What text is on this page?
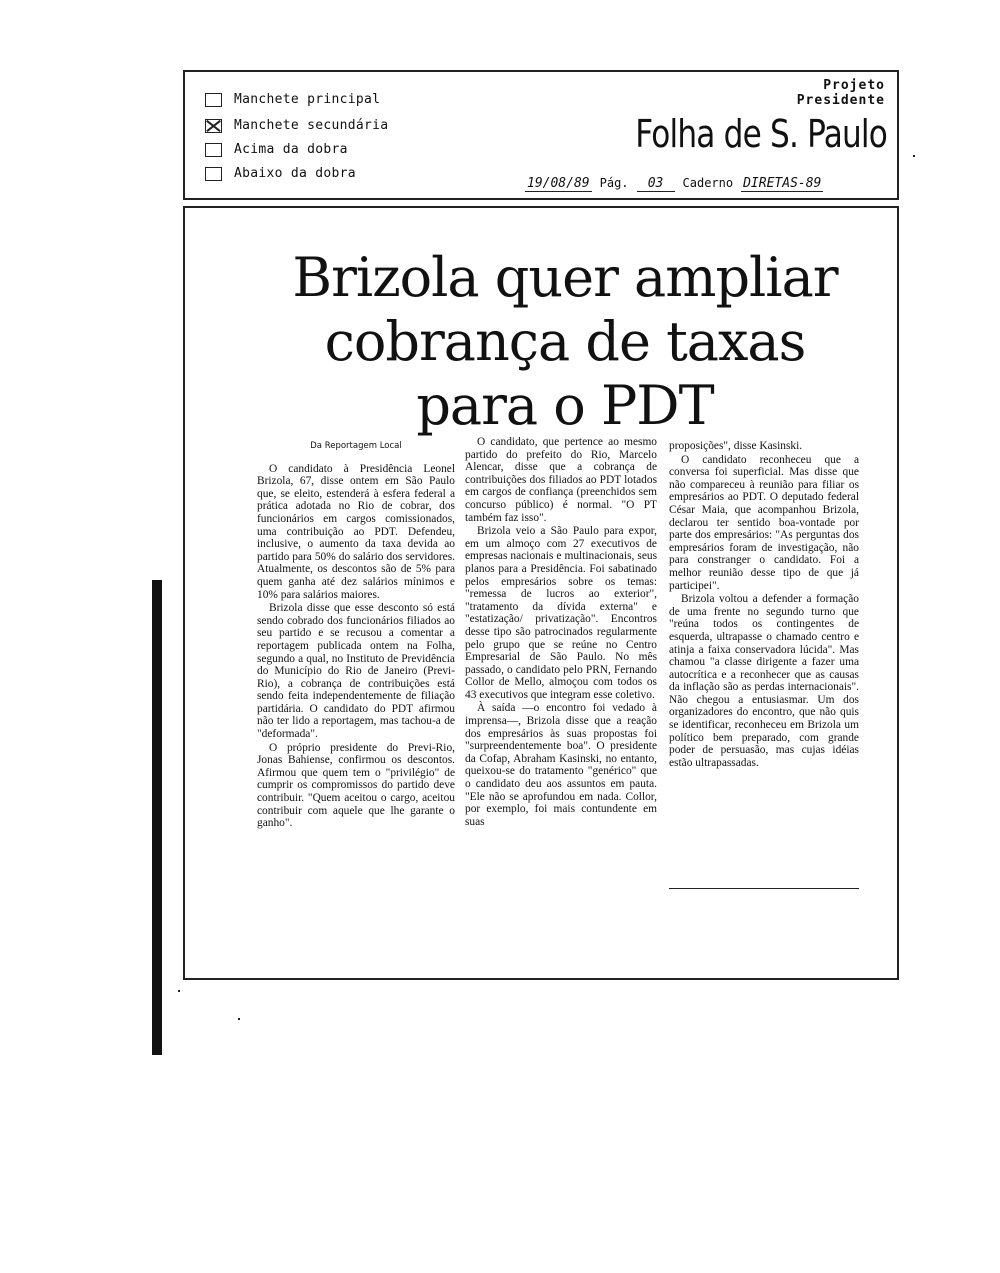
Manchete principal
Manchete secundária
Acima da dobra
Abaixo da dobra
Projeto
Presidente
Folha de S. Paulo
19/08/89 Pág.	03	Caderno DIRETAS-89
Brizola quer ampliar cobrança de taxas para o PDT

Da Reportagem Local

O candidato à Presidência Leonel Brizola, 67, disse ontem em São Paulo que, se eleito, estenderá à esfera federal a prática adotada no Rio de cobrar, dos funcionários em cargos comissionados, uma contribuição ao PDT. Defendeu, inclusive, o aumento da taxa devida ao partido para 50% do salário dos servidores. Atualmente, os descontos são de 5% para quem ganha até dez salários mínimos e 10% para salários maiores.

Brizola disse que esse desconto só está sendo cobrado dos funcionários filiados ao seu partido e se recusou a comentar a reportagem publicada ontem na Folha, segundo a qual, no Instituto de Previdência do Município do Rio de Janeiro (Previ-Rio), a cobrança de contribuições está sendo feita independentemente de filiação partidária. O candidato do PDT afirmou não ter lido a reportagem, mas tachou-a de "deformada".

O próprio presidente do Previ-Rio, Jonas Bahiense, confirmou os descontos. Afirmou que quem tem o "privilégio" de cumprir os compromissos do partido deve contribuir. "Quem aceitou o cargo, aceitou contribuir com aquele que lhe garante o ganho".

O candidato, que pertence ao mesmo partido do prefeito do Rio, Marcelo Alencar, disse que a cobrança de contribuições dos filiados ao PDT lotados em cargos de confiança (preenchidos sem concurso público) é normal. "O PT também faz isso".

Brizola veio a São Paulo para expor, em um almoço com 27 executivos de empresas nacionais e multinacionais, seus planos para a Presidência. Foi sabatinado pelos empresários sobre os temas: "remessa de lucros ao exterior", "tratamento da dívida externa" e "estatização/ privatização". Encontros desse tipo são patrocinados regularmente pelo grupo que se reúne no Centro Empresarial de São Paulo. No mês passado, o candidato pelo PRN, Fernando Collor de Mello, almoçou com todos os 43 executivos que integram esse coletivo.

À saída —o encontro foi vedado à imprensa—, Brizola disse que a reação dos empresários às suas propostas foi "surpreendentemente boa". O presidente da Cofap, Abraham Kasinski, no entanto, queixou-se do tratamento "genérico" que o candidato deu aos assuntos em pauta. "Ele não se aprofundou em nada. Collor, por exemplo, foi mais contundente em suas

proposições", disse Kasinski.

O candidato reconheceu que a conversa foi superficial. Mas disse que não compareceu à reunião para filiar os empresários ao PDT. O deputado federal César Maia, que acompanhou Brizola, declarou ter sentido boa-vontade por parte dos empresários: "As perguntas dos empresários foram de investigação, não para constranger o candidato. Foi a melhor reunião desse tipo de que já participei".

Brizola voltou a defender a formação de uma frente no segundo turno que "reúna todos os contingentes de esquerda, ultrapasse o chamado centro e atinja a faixa conservadora lúcida". Mas chamou "a classe dirigente a fazer uma autocrítica e a reconhecer que as causas da inflação são as perdas internacionais". Não chegou a entusiasmar. Um dos organizadores do encontro, que não quis se identificar, reconheceu em Brizola um político bem preparado, com grande poder de persuasão, mas cujas idéias estão ultrapassadas.
